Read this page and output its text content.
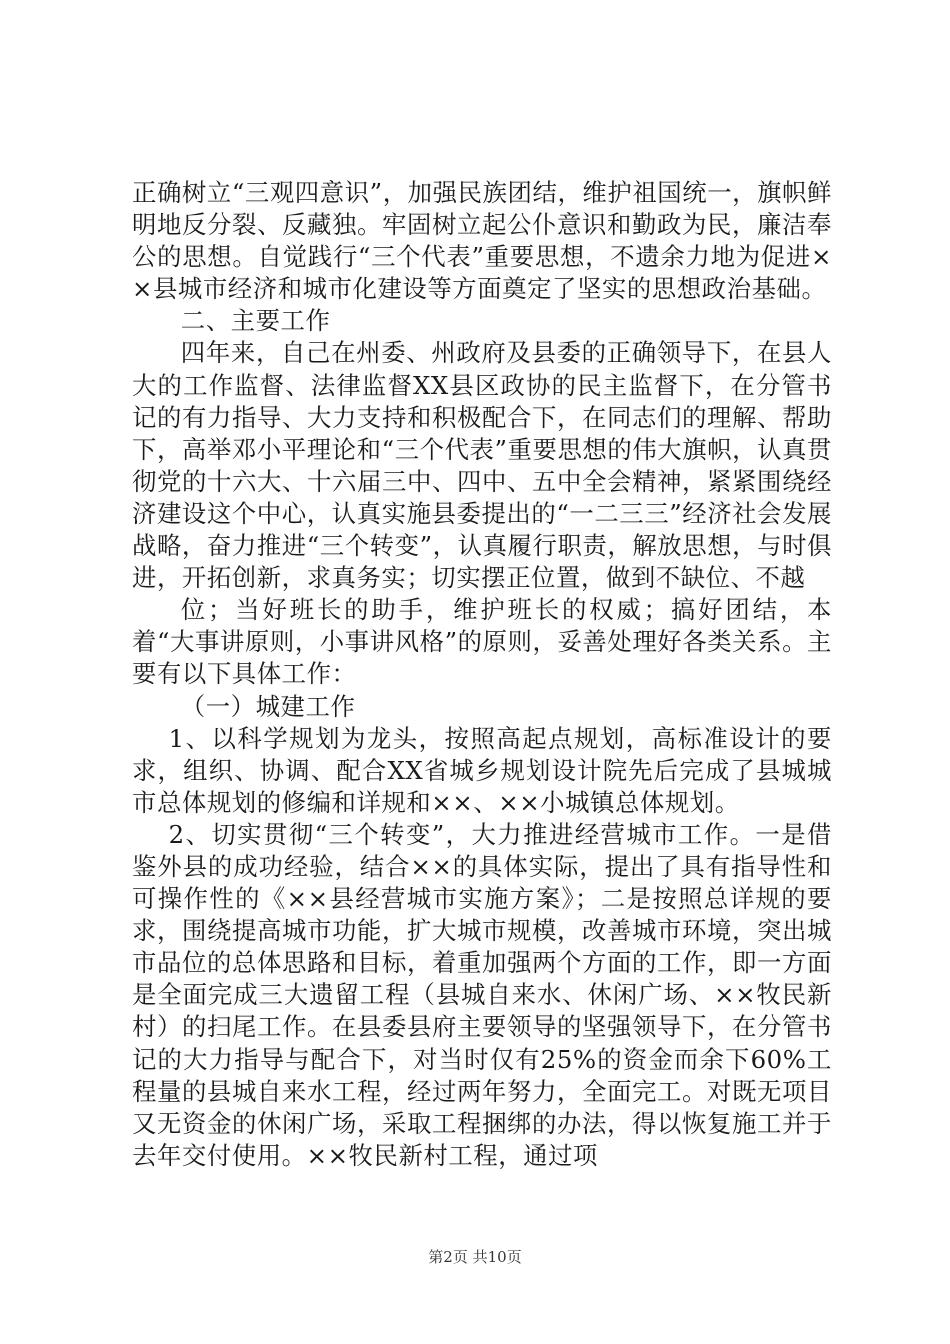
正确树立“三观四意识”，加强民族团结，维护祖国统一，旗帜鲜明地反分裂、反藏独。牢固树立起公仆意识和勤政为民，廉洁奉公的思想。自觉践行“三个代表”重要思想，不遗余力地为促进××县城市经济和城市化建设等方面奠定了坚实的思想政治基础。

二、主要工作

四年来，自己在州委、州政府及县委的正确领导下，在县人大的工作监督、法律监督XX县区政协的民主监督下，在分管书记的有力指导、大力支持和积极配合下，在同志们的理解、帮助下，高举邓小平理论和“三个代表”重要思想的伟大旗帜，认真贯彻党的十六大、十六届三中、四中、五中全会精神，紧紧围绕经济建设这个中心，认真实施县委提出的“一二三三”经济社会发展战略，奋力推进“三个转变”，认真履行职责，解放思想，与时俱进，开拓创新，求真务实；切实摆正位置，做到不缺位、不越

位；当好班长的助手，维护班长的权威；搞好团结，本着“大事讲原则，小事讲风格”的原则，妥善处理好各类关系。主要有以下具体工作：

（一）城建工作

1、以科学规划为龙头，按照高起点规划，高标准设计的要求，组织、协调、配合XX省城乡规划设计院先后完成了县城城市总体规划的修编和详规和××、××小城镇总体规划。

2、切实贯彻“三个转变”，大力推进经营城市工作。一是借鉴外县的成功经验，结合××的具体实际，提出了具有指导性和可操作性的《××县经营城市实施方案》；二是按照总详规的要求，围绕提高城市功能，扩大城市规模，改善城市环境，突出城市品位的总体思路和目标，着重加强两个方面的工作，即一方面是全面完成三大遗留工程（县城自来水、休闲广场、××牧民新村）的扫尾工作。在县委县府主要领导的坚强领导下，在分管书记的大力指导与配合下，对当时仅有25%的资金而余下60%工程量的县城自来水工程，经过两年努力，全面完工。对既无项目又无资金的休闲广场，采取工程捆绑的办法，得以恢复施工并于去年交付使用。××牧民新村工程，通过项

第2页 共10页
